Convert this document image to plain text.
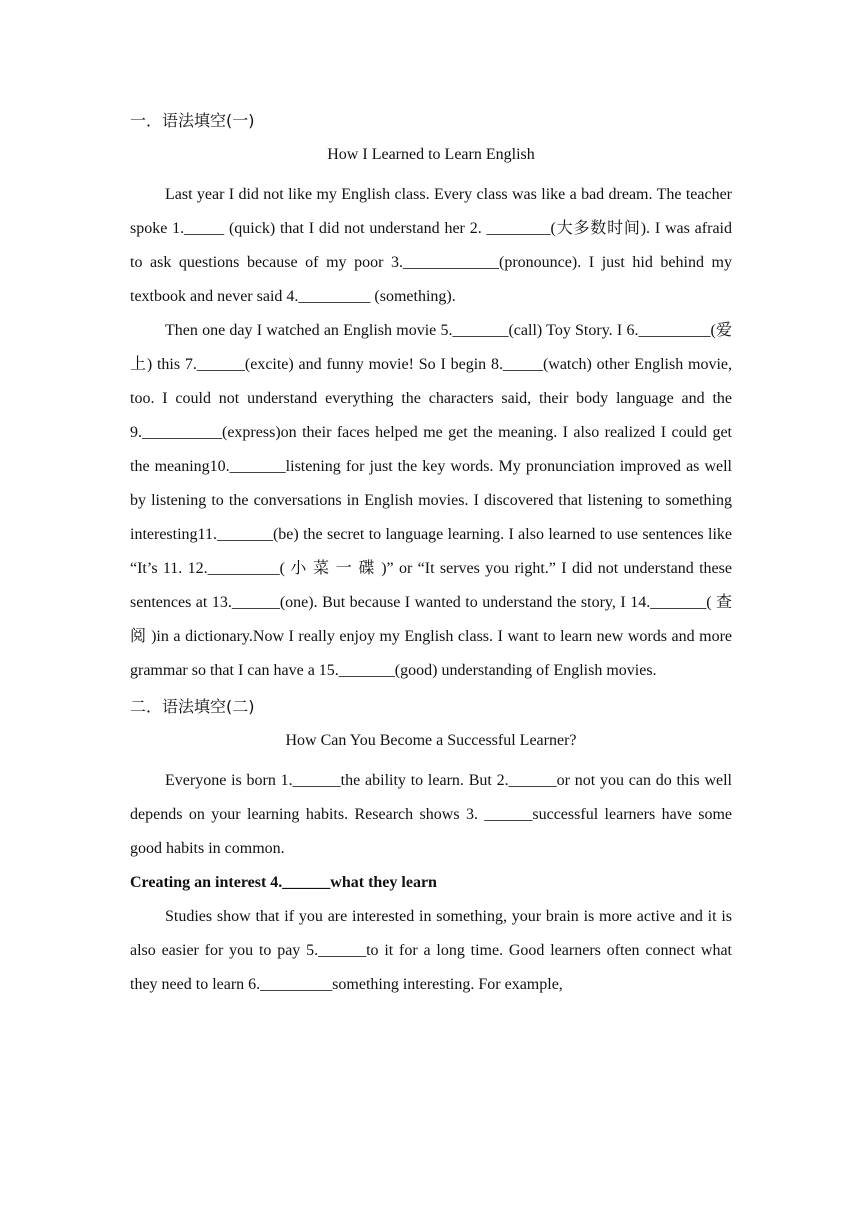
一．语法填空(一)
How I Learned to Learn English

Last year I did not like my English class. Every class was like a bad dream. The teacher spoke 1._____ (quick) that I did not understand her 2. ________(大多数时间). I was afraid to ask questions because of my poor 3.____________(pronounce). I just hid behind my textbook and never said 4._________ (something).

Then one day I watched an English movie 5._______(call) Toy Story. I 6._________(爱上) this 7.______(excite) and funny movie! So I begin 8._____(watch) other English movie, too. I could not understand everything the characters said, their body language and the 9.__________(express)on their faces helped me get the meaning. I also realized I could get the meaning10._______listening for just the key words. My pronunciation improved as well by listening to the conversations in English movies. I discovered that listening to something interesting11._______(be) the secret to language learning. I also learned to use sentences like “It’s 11. 12._________( 小 菜 一 碟 )” or “It serves you right.” I did not understand these sentences at 13.______(one). But because I wanted to understand the story, I 14._______( 查阅 )in a dictionary.Now I really enjoy my English class. I want to learn new words and more grammar so that I can have a 15._______(good) understanding of English movies.

二．语法填空(二)
How Can You Become a Successful Learner?

Everyone is born 1.______the ability to learn. But 2.______or not you can do this well depends on your learning habits. Research shows 3. ______successful learners have some good habits in common.

Creating an interest 4.______what they learn

Studies show that if you are interested in something, your brain is more active and it is also easier for you to pay 5.______to it for a long time. Good learners often connect what they need to learn 6._________something interesting. For example,
